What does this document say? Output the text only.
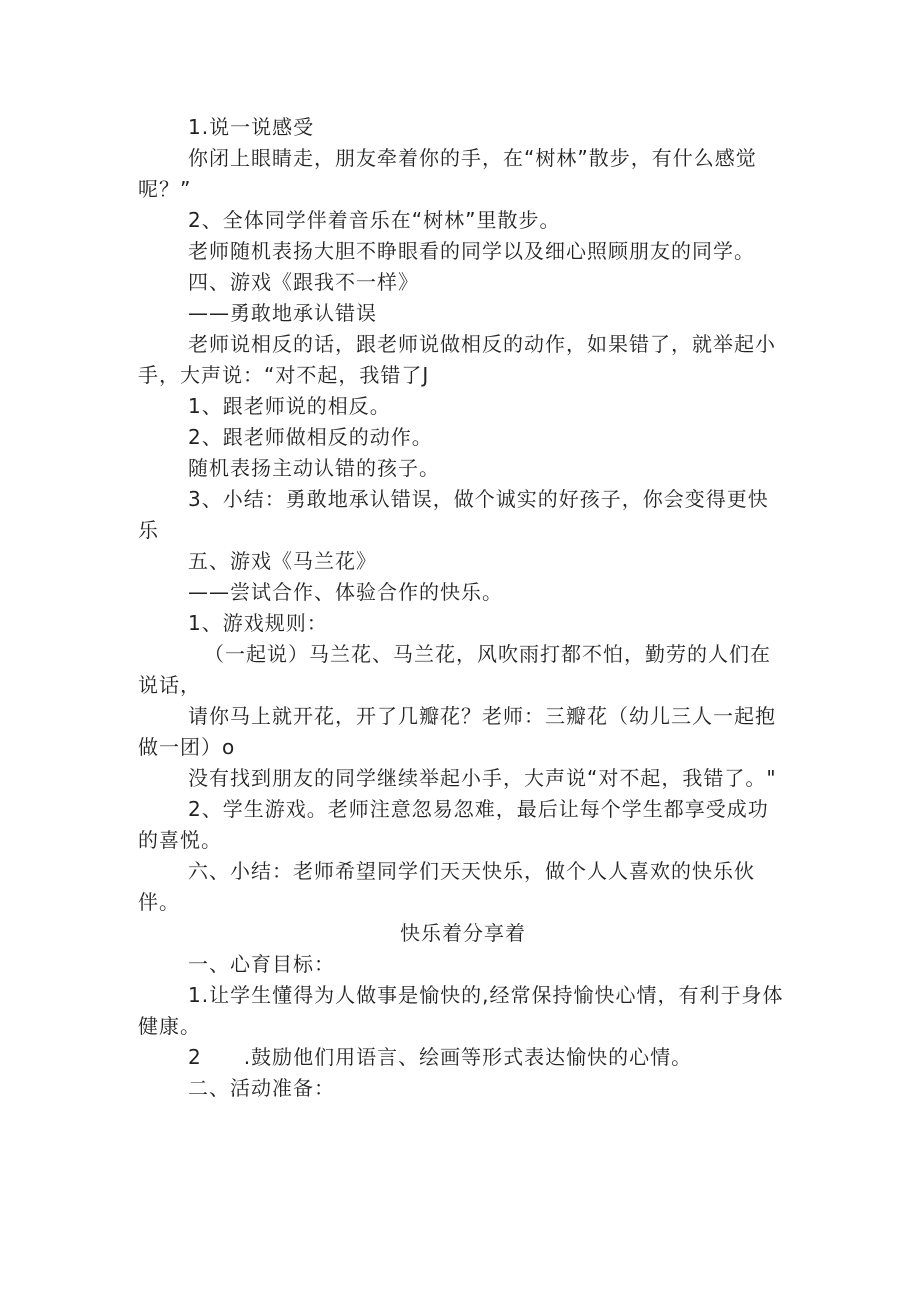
1.说一说感受

你闭上眼睛走，朋友牵着你的手，在“树林”散步，有什么感觉呢？”

2、全体同学伴着音乐在“树林”里散步。

老师随机表扬大胆不睁眼看的同学以及细心照顾朋友的同学。

四、游戏《跟我不一样》

——勇敢地承认错误

老师说相反的话，跟老师说做相反的动作，如果错了，就举起小手，大声说：“对不起，我错了J

1、跟老师说的相反。

2、跟老师做相反的动作。

随机表扬主动认错的孩子。

3、小结：勇敢地承认错误，做个诚实的好孩子，你会变得更快乐

五、游戏《马兰花》

——尝试合作、体验合作的快乐。

1、游戏规则：

（一起说）马兰花、马兰花，风吹雨打都不怕，勤劳的人们在说话，

请你马上就开花，开了几瓣花？老师：三瓣花（幼儿三人一起抱做一团）o

没有找到朋友的同学继续举起小手，大声说“对不起，我错了。"

2、学生游戏。老师注意忽易忽难，最后让每个学生都享受成功的喜悦。

六、小结：老师希望同学们天天快乐，做个人人喜欢的快乐伙伴。

快乐着分享着

一、心育目标：

1.让学生懂得为人做事是愉快的,经常保持愉快心情，有利于身体健康。

2　　.鼓励他们用语言、绘画等形式表达愉快的心情。

二、活动准备：
